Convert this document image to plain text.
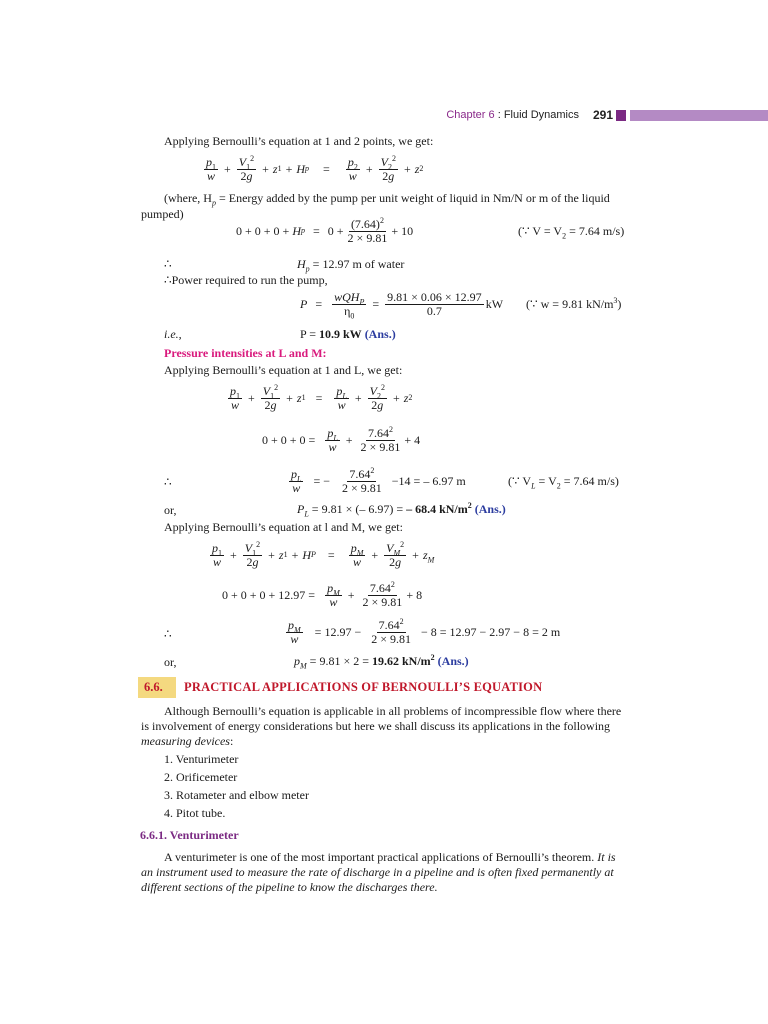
Chapter 6 : Fluid Dynamics 291
Applying Bernoulli’s equation at 1 and 2 points, we get:
$\frac{p_1}{w} + \frac{V_1^2}{2g} + z$ 1 + H $p = \frac{p_2}{w} + \frac{V_2^2}{2g} + z$ 2
(where, $H_p$ = Energy added by the pump per unit weight of liquid in Nm/N or m of the liquid
pumped)
0 + 0 + 0 + H $p = 0 + \frac{(7.64)^2}{2 \times 9.81} + 10$	(∵ $V = V_2 = 7.64$ m/s)
∴	$H_p = 12.97$ m of water
∴Power required to run the pump,
$P = \frac{wQH_P}{\eta_0} = \frac{9.81 \times 0.06 \times 12.97}{0.7}$ kW (∵ w = 9.81 $kN/m^3$)
i.e.,	P = 10.9 kW (Ans.)
Pressure intensities at L and M:
Applying Bernoulli’s equation at 1 and L, we get:
$\frac{p_1}{w} + \frac{V_1^2}{2g} + z$ $1 = \frac{p_L}{w} + \frac{V_2^2}{2g} + z$ 2
$0 + 0 + 0 = \frac{p_L}{w} + \frac{7.64^2}{2 \times 9.81} + 4$
∴	$\frac{p_L}{w}$ = − $\frac{7.64^2}{2 \times 9.81} -14$ = – 6.97 m	(∵ $V_L = V_2 = 7.64$ m/s)
or,	$P_L = 9.81$ × (– 6.97) = – 68.4 $kN/m^2$ (Ans.)
Applying Bernoulli’s equation at l and M, we get:
$\frac{p_1}{w} + \frac{V_1^2}{2g} + z$ 1 + H $P = \frac{p_M}{w} + \frac{V_M^2}{2g} + z_M$
$0 + 0 + 0 + 12.97 = \frac{p_M}{w} + \frac{7.64^2}{2 \times 9.81} + 8$
∴	$\frac{p_M}{w} = 12.97 - \frac{7.64^2}{2 \times 9.81} - 8 = 12.97 - 2.97 - 8 = 2$ m
or,	$p_M = 9.81 \times 2 = 19.62$ $kN/m^2$ (Ans.)
6.6. PRACTICAL APPLICATIONS OF BERNOULLI’S EQUATION
Although Bernoulli’s equation is applicable in all problems of incompressible flow where there
is involvement of energy considerations but here we shall discuss its applications in the following
measuring devices:
1. Venturimeter
2. Orificemeter
3. Rotameter and elbow meter
4. Pitot tube.
6.6.1. Venturimeter
A venturimeter is one of the most important practical applications of Bernoulli’s theorem. It is
an instrument used to measure the rate of discharge in a pipeline and is often fixed permanently at
different sections of the pipeline to know the discharges there.
